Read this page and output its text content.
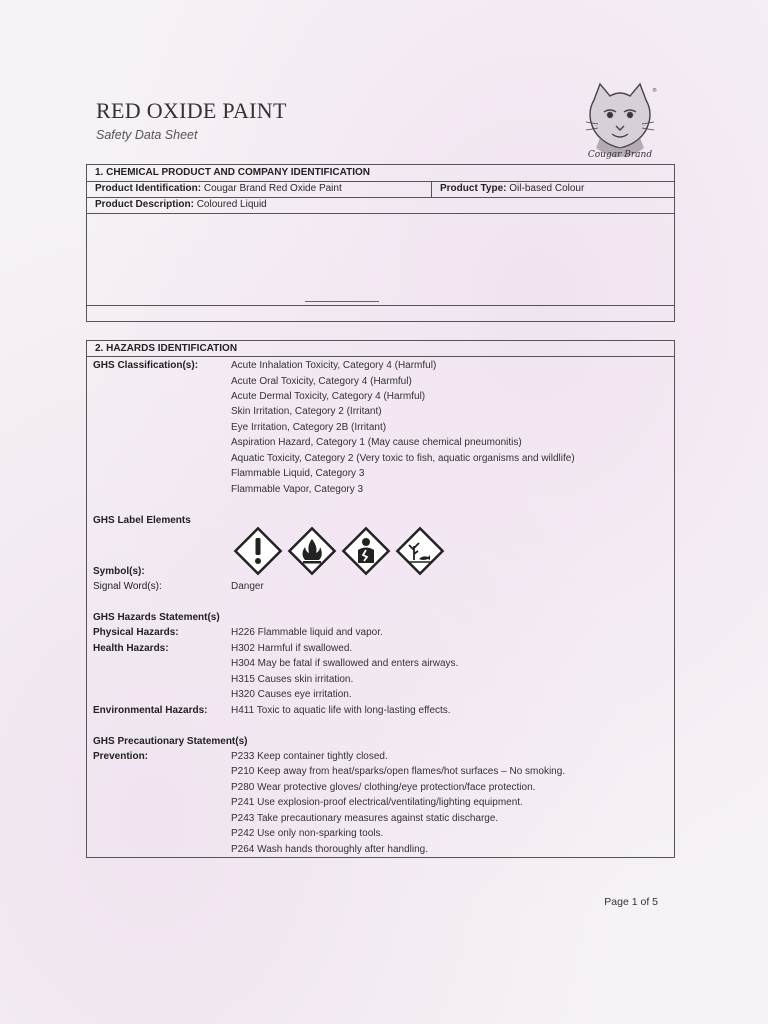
RED OXIDE PAINT
Safety Data Sheet
®
Cougar Brand
1. CHEMICAL PRODUCT AND COMPANY IDENTIFICATION
Product Identification: Cougar Brand Red Oxide Paint	Product Type: Oil-based Colour
Product Description: Coloured Liquid
2. HAZARDS IDENTIFICATION
GHS Classification(s):	Acute Inhalation Toxicity, Category 4 (Harmful)
Acute Oral Toxicity, Category 4 (Harmful)
Acute Dermal Toxicity, Category 4 (Harmful)
Skin Irritation, Category 2 (Irritant)
Eye Irritation, Category 2B (Irritant)
Aspiration Hazard, Category 1 (May cause chemical pneumonitis)
Aquatic Toxicity, Category 2 (Very toxic to fish, aquatic organisms and wildlife)
Flammable Liquid, Category 3
Flammable Vapor, Category 3
GHS Label Elements
Symbol(s):
Signal Word(s):	Danger
GHS Hazards Statement(s)
Physical Hazards:	H226 Flammable liquid and vapor.
Health Hazards:	H302 Harmful if swallowed.
H304 May be fatal if swallowed and enters airways.
H315 Causes skin irritation.
H320 Causes eye irritation.
Environmental Hazards: H411 Toxic to aquatic life with long-lasting effects.
GHS Precautionary Statement(s)
Prevention:	P233 Keep container tightly closed.
P210 Keep away from heat/sparks/open flames/hot surfaces – No smoking.
P280 Wear protective gloves/ clothing/eye protection/face protection.
P241 Use explosion-proof electrical/ventilating/lighting equipment.
P243 Take precautionary measures against static discharge.
P242 Use only non-sparking tools.
P264 Wash hands thoroughly after handling.
Page 1 of 5
